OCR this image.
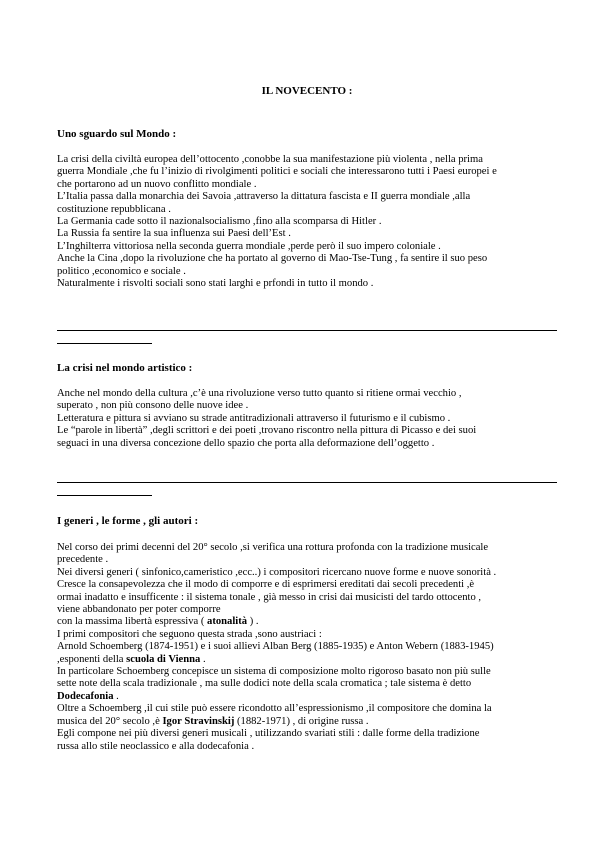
IL NOVECENTO :
Uno sguardo sul Mondo :

La crisi della civiltà europea dell’ottocento ,conobbe la sua manifestazione più violenta , nella prima

guerra Mondiale ,che fu l’inizio di rivolgimenti politici e sociali che interessarono tutti i Paesi europei e

che portarono ad un nuovo conflitto mondiale .

L’Italia passa dalla monarchia dei Savoia ,attraverso la dittatura fascista e II guerra mondiale ,alla

costituzione repubblicana .

La Germania cade sotto il nazionalsocialismo ,fino alla scomparsa di Hitler .

La Russia fa sentire la sua influenza sui Paesi dell’Est .

L’Inghilterra vittoriosa nella seconda guerra mondiale ,perde però il suo impero coloniale .

Anche la Cina ,dopo la rivoluzione che ha portato al governo di Mao-Tse-Tung , fa sentire il suo peso

politico ,economico e sociale .

Naturalmente i risvolti sociali sono stati larghi e prfondi in tutto il mondo .

La crisi nel mondo artistico :

Anche nel mondo della cultura ,c’è una rivoluzione verso tutto quanto si ritiene ormai vecchio ,

superato , non più consono delle nuove idee .

Letteratura e pittura si avviano su strade antitradizionali attraverso il futurismo e il cubismo .

Le “parole in libertà” ,degli scrittori e dei poeti ,trovano riscontro nella pittura di Picasso e dei suoi

seguaci in una diversa concezione dello spazio che porta alla deformazione dell’oggetto .

I generi , le forme , gli autori :

Nel corso dei primi decenni del 20° secolo ,si verifica una rottura profonda con la tradizione musicale

precedente .

Nei diversi generi ( sinfonico,cameristico ,ecc..) i compositori ricercano nuove forme e nuove sonorità .

Cresce la consapevolezza che il modo di comporre e di esprimersi ereditati dai secoli precedenti ,è

ormai inadatto e insufficente : il sistema tonale , già messo in crisi dai musicisti del tardo ottocento ,

viene abbandonato per poter comporre

con la massima libertà espressiva ( atonalità ) .

I primi compositori che seguono questa strada ,sono austriaci :

Arnold Schoemberg (1874-1951) e i suoi allievi Alban Berg (1885-1935) e Anton Webern (1883-1945)

,esponenti della scuola di Vienna .

In particolare Schoemberg concepisce un sistema di composizione molto rigoroso basato non più sulle

sette note della scala tradizionale , ma sulle dodici note della scala cromatica ; tale sistema è detto

Dodecafonia .

Oltre a Schoemberg ,il cui stile può essere ricondotto all’espressionismo ,il compositore che domina la

musica del 20° secolo ,è Igor Stravinskij (1882-1971) , di origine russa .

Egli compone nei più diversi generi musicali , utilizzando svariati stili : dalle forme della tradizione

russa allo stile neoclassico e alla dodecafonia .
